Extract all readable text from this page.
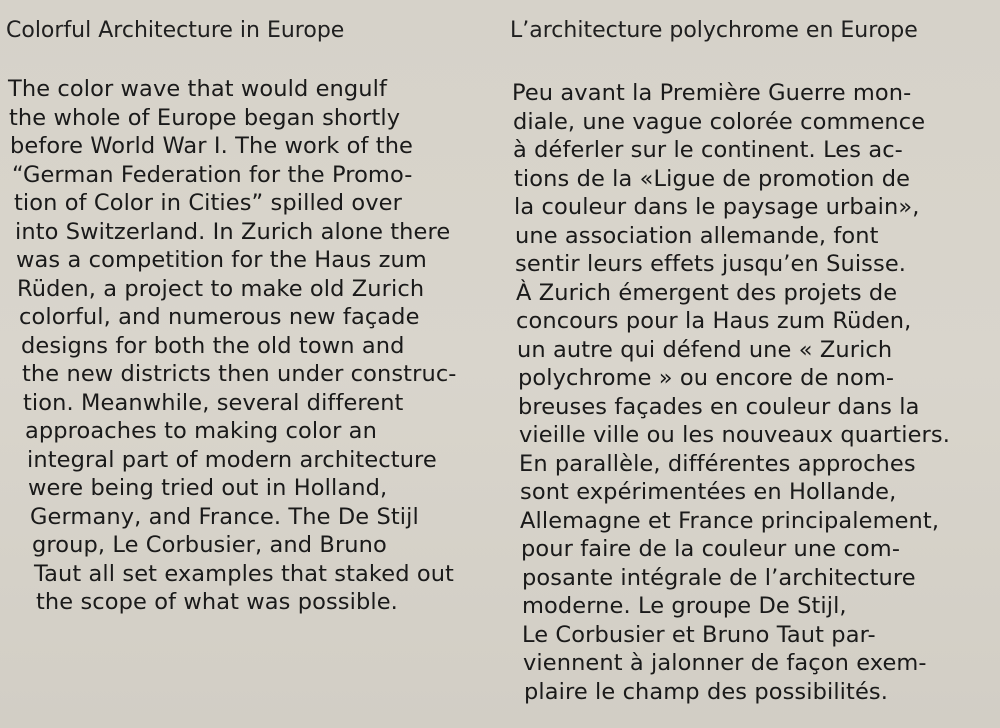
Colorful Architecture in Europe
The color wave that would engulf
the whole of Europe began shortly
before World War I. The work of the
“German Federation for the Promo-
tion of Color in Cities” spilled over
into Switzerland. In Zurich alone there
was a competition for the Haus zum
Rüden, a project to make old Zurich
colorful, and numerous new façade
designs for both the old town and
the new districts then under construc-
tion. Meanwhile, several different
approaches to making color an
integral part of modern architecture
were being tried out in Holland,
Germany, and France. The De Stijl
group, Le Corbusier, and Bruno
Taut all set examples that staked out
the scope of what was possible.
L’architecture polychrome en Europe
Peu avant la Première Guerre mon-
diale, une vague colorée commence
à déferler sur le continent. Les ac-
tions de la «Ligue de promotion de
la couleur dans le paysage urbain»,
une association allemande, font
sentir leurs effets jusqu’en Suisse.
À Zurich émergent des projets de
concours pour la Haus zum Rüden,
un autre qui défend une « Zurich
polychrome » ou encore de nom-
breuses façades en couleur dans la
vieille ville ou les nouveaux quartiers.
En parallèle, différentes approches
sont expérimentées en Hollande,
Allemagne et France principalement,
pour faire de la couleur une com-
posante intégrale de l’architecture
moderne. Le groupe De Stijl,
Le Corbusier et Bruno Taut par-
viennent à jalonner de façon exem-
plaire le champ des possibilités.
